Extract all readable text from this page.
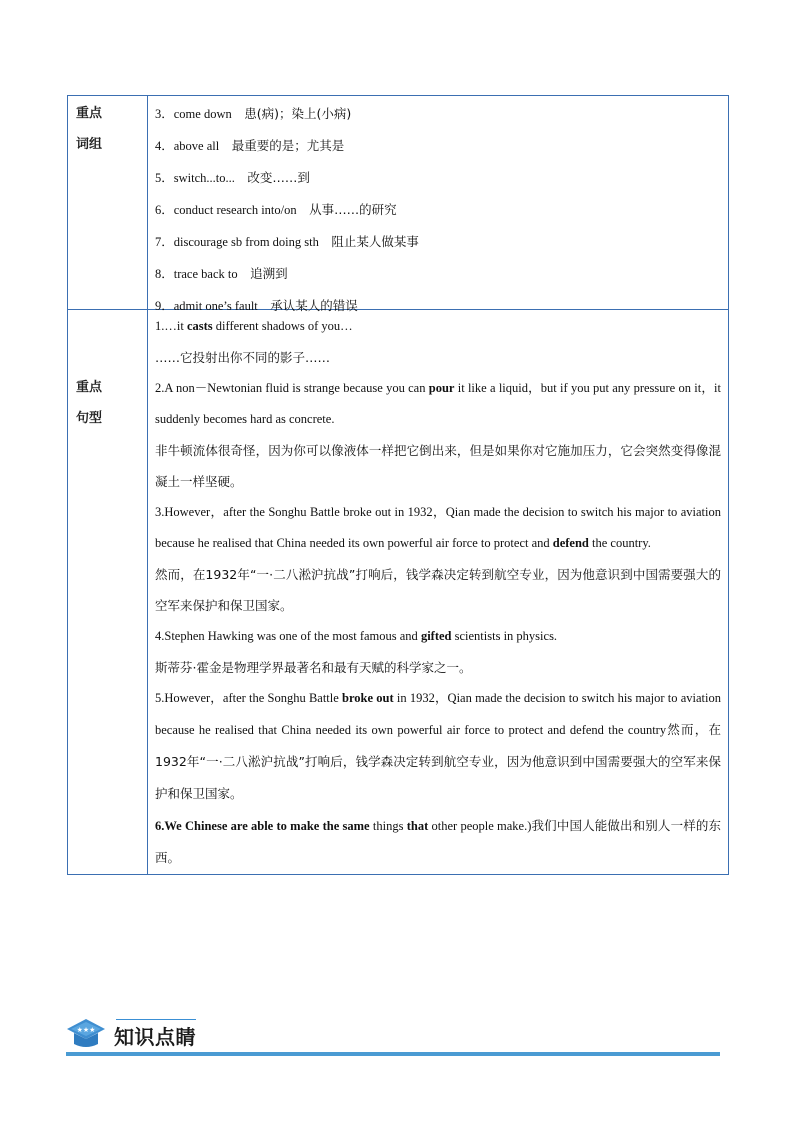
重点
词组
3．come down 患(病)；染上(小病)
4．above all 最重要的是；尤其是
5．switch...to... 改变……到
6．conduct research into/on 从事……的研究
7．discourage sb from doing sth 阻止某人做某事
8．trace back to 追溯到
9．admit one’s fault 承认某人的错误
重点
句型
1.…it casts different shadows of you…
……它投射出你不同的影子……
2.A non－Newtonian fluid is strange because you can pour it like a liquid，but if you put any pressure on it，it suddenly becomes hard as concrete.
非牛顿流体很奇怪，因为你可以像液体一样把它倒出来，但是如果你对它施加压力，它会突然变得像混凝土一样坚硬。
3.However，after the Songhu Battle broke out in 1932，Qian made the decision to switch his major to aviation because he realised that China needed its own powerful air force to protect and defend the country.
然而，在1932年“一·二八淞沪抗战”打响后，钱学森决定转到航空专业，因为他意识到中国需要强大的空军来保护和保卫国家。
4.Stephen Hawking was one of the most famous and gifted scientists in physics.
斯蒂芬·霍金是物理学界最著名和最有天赋的科学家之一。
5.However，after the Songhu Battle broke out in 1932，Qian made the decision to switch his major to aviation because he realised that China needed its own powerful air force to protect and defend the country然而，在1932年“一·二八淞沪抗战”打响后，钱学森决定转到航空专业，因为他意识到中国需要强大的空军来保护和保卫国家。
6.We Chinese are able to make the same things that other people make.)我们中国人能做出和别人一样的东西。
★★★ 知识点睛
